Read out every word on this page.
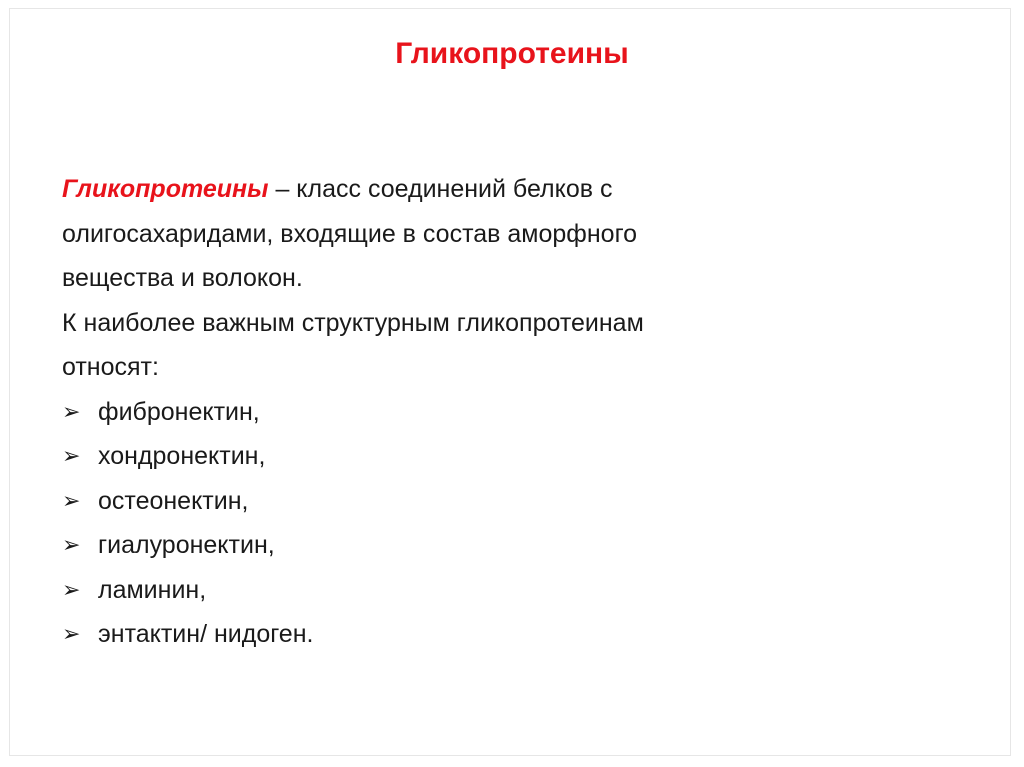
Гликопротеины
Гликопротеины – класс соединений белков с
олигосахаридами, входящие в состав аморфного
вещества и волокон.
К наиболее важным структурным гликопротеинам
относят:
➢ фибронектин,
➢ хондронектин,
➢ остеонектин,
➢ гиалуронектин,
➢ ламинин,
➢ энтактин/ нидоген.
